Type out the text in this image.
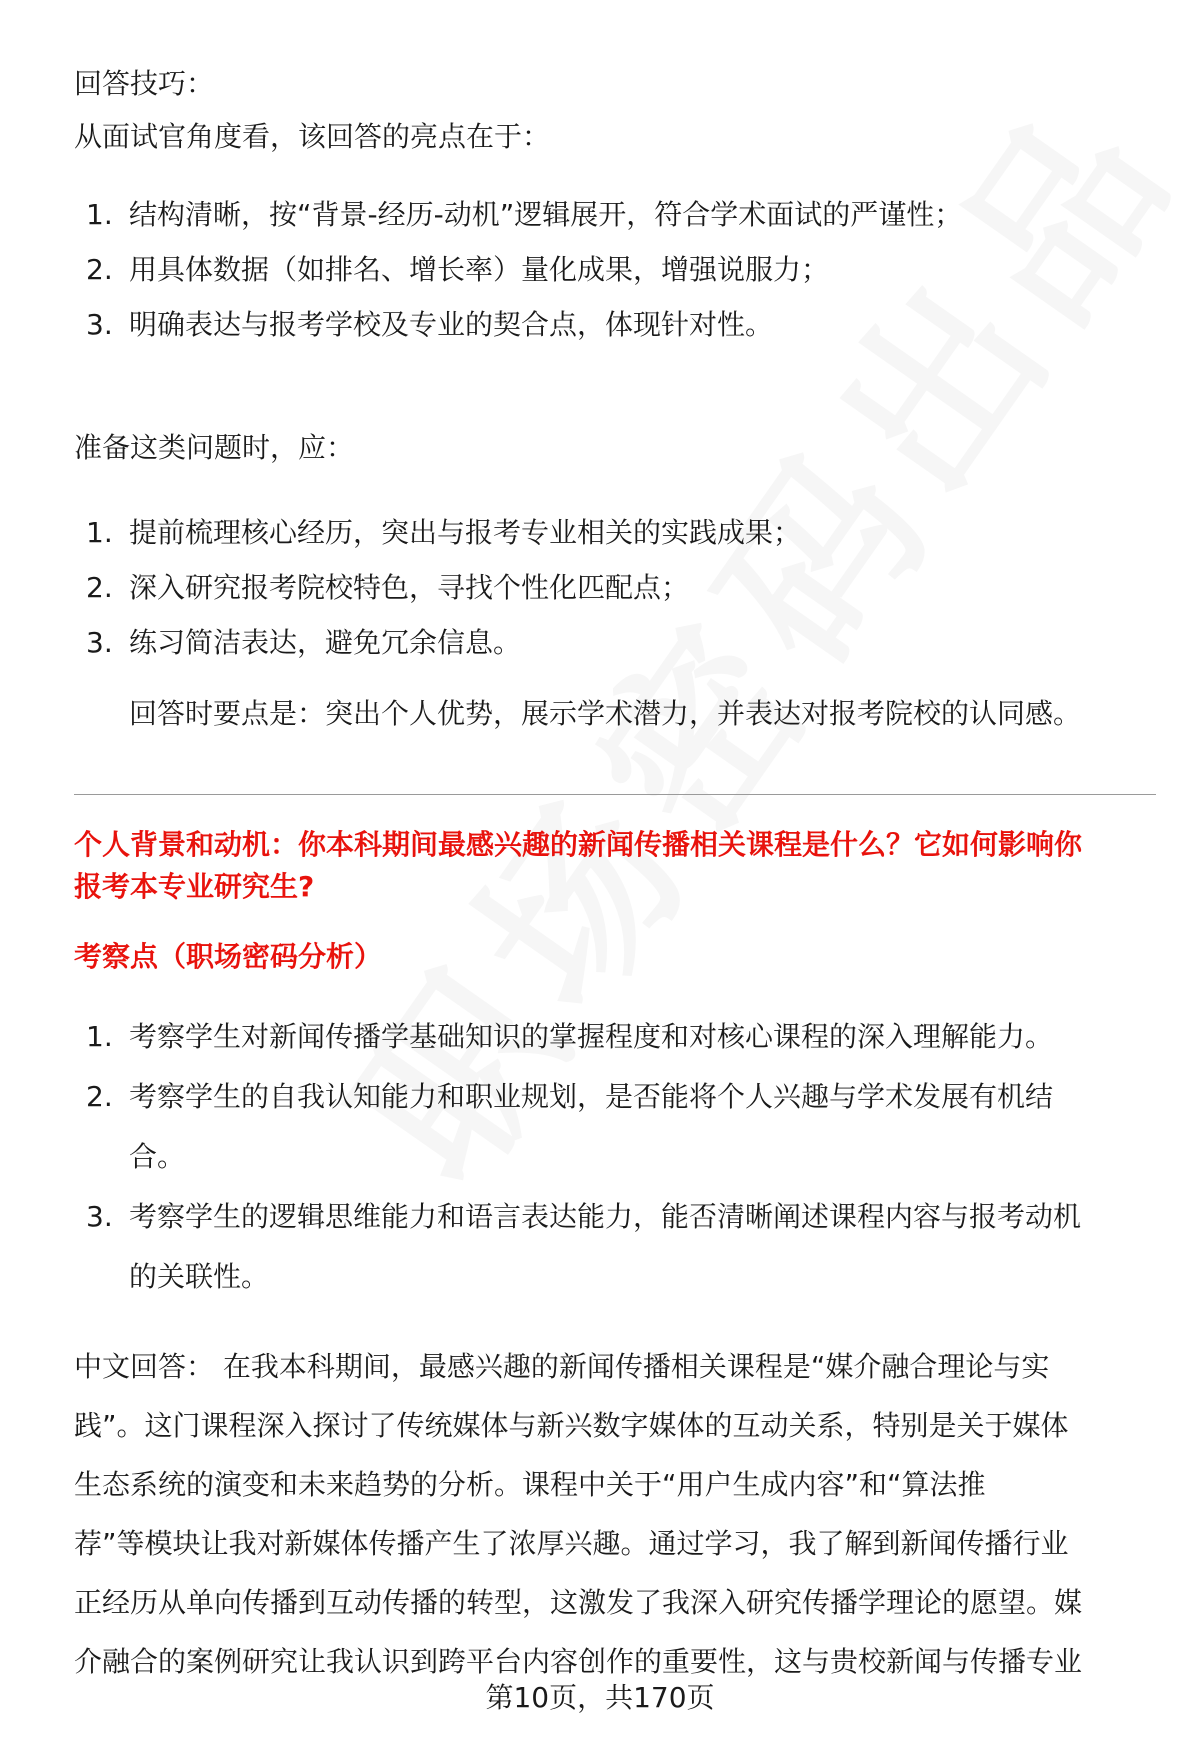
回答技巧：

从面试官角度看，该回答的亮点在于：

1. 结构清晰，按“背景-经历-动机”逻辑展开，符合学术面试的严谨性；
2. 用具体数据（如排名、增长率）量化成果，增强说服力；
3. 明确表达与报考学校及专业的契合点，体现针对性。

准备这类问题时，应：

1. 提前梳理核心经历，突出与报考专业相关的实践成果；
2. 深入研究报考院校特色，寻找个性化匹配点；
3. 练习简洁表达，避免冗余信息。

回答时要点是：突出个人优势，展示学术潜力，并表达对报考院校的认同感。

个人背景和动机：你本科期间最感兴趣的新闻传播相关课程是什么？它如何影响你
报考本专业研究生?
考察点（职场密码分析）
1. 考察学生对新闻传播学基础知识的掌握程度和对核心课程的深入理解能力。
2. 考察学生的自我认知能力和职业规划，是否能将个人兴趣与学术发展有机结
合。
3. 考察学生的逻辑思维能力和语言表达能力，能否清晰阐述课程内容与报考动机
的关联性。
中文回答： 在我本科期间，最感兴趣的新闻传播相关课程是“媒介融合理论与实
践”。这门课程深入探讨了传统媒体与新兴数字媒体的互动关系，特别是关于媒体
生态系统的演变和未来趋势的分析。课程中关于“用户生成内容”和“算法推
荐”等模块让我对新媒体传播产生了浓厚兴趣。通过学习，我了解到新闻传播行业
正经历从单向传播到互动传播的转型，这激发了我深入研究传播学理论的愿望。媒
介融合的案例研究让我认识到跨平台内容创作的重要性，这与贵校新闻与传播专业
第10页，共170页
